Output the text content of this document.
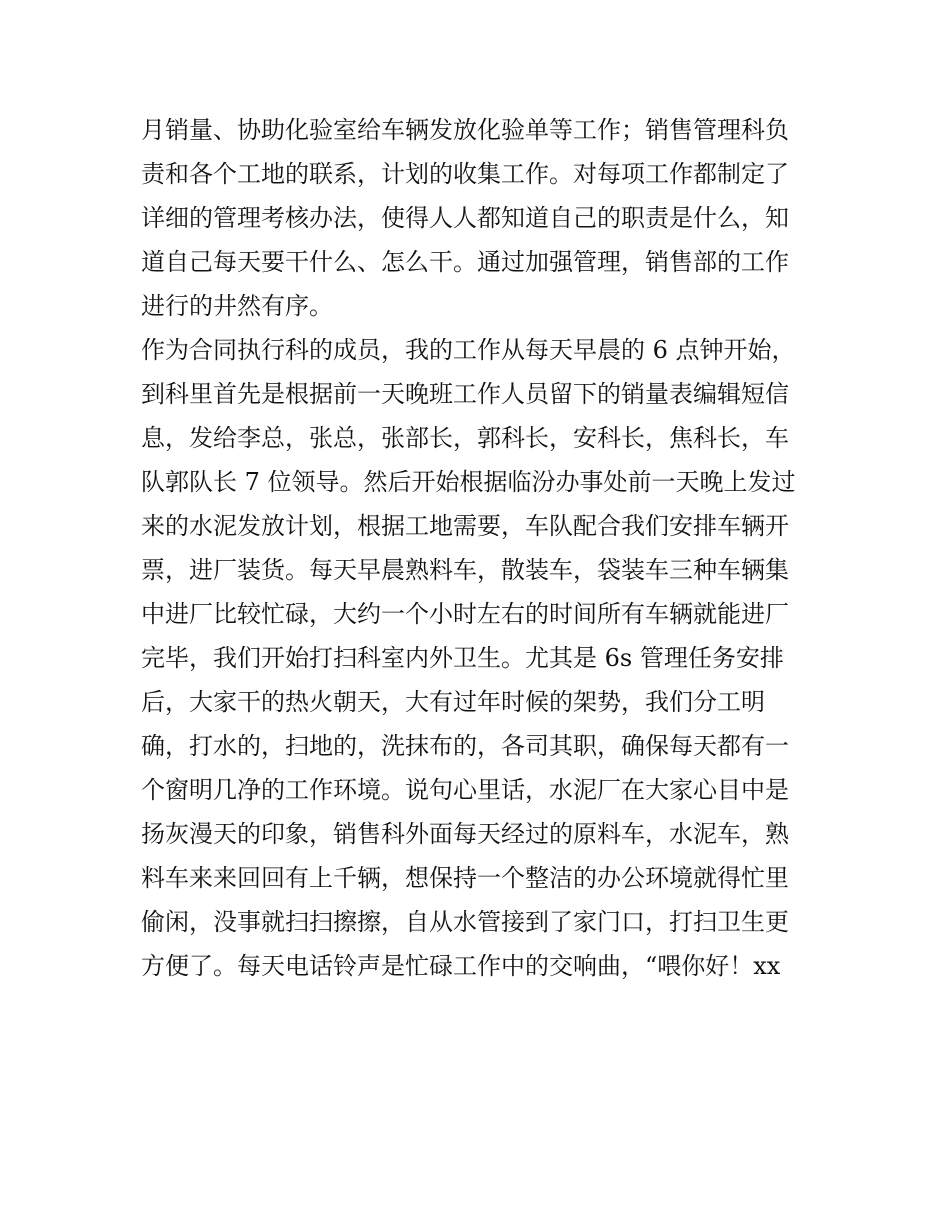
月销量、协助化验室给车辆发放化验单等工作；销售管理科负

责和各个工地的联系，计划的收集工作。对每项工作都制定了

详细的管理考核办法，使得人人都知道自己的职责是什么，知

道自己每天要干什么、怎么干。通过加强管理，销售部的工作

进行的井然有序。

作为合同执行科的成员，我的工作从每天早晨的 6 点钟开始，

到科里首先是根据前一天晚班工作人员留下的销量表编辑短信

息，发给李总，张总，张部长，郭科长，安科长，焦科长，车

队郭队长 7 位领导。然后开始根据临汾办事处前一天晚上发过

来的水泥发放计划，根据工地需要，车队配合我们安排车辆开

票，进厂装货。每天早晨熟料车，散装车，袋装车三种车辆集

中进厂比较忙碌，大约一个小时左右的时间所有车辆就能进厂

完毕，我们开始打扫科室内外卫生。尤其是 6s 管理任务安排

后，大家干的热火朝天，大有过年时候的架势，我们分工明

确，打水的，扫地的，洗抹布的，各司其职，确保每天都有一

个窗明几净的工作环境。说句心里话，水泥厂在大家心目中是

扬灰漫天的印象，销售科外面每天经过的原料车，水泥车，熟

料车来来回回有上千辆，想保持一个整洁的办公环境就得忙里

偷闲，没事就扫扫擦擦，自从水管接到了家门口，打扫卫生更

方便了。每天电话铃声是忙碌工作中的交响曲，“喂你好！xx
